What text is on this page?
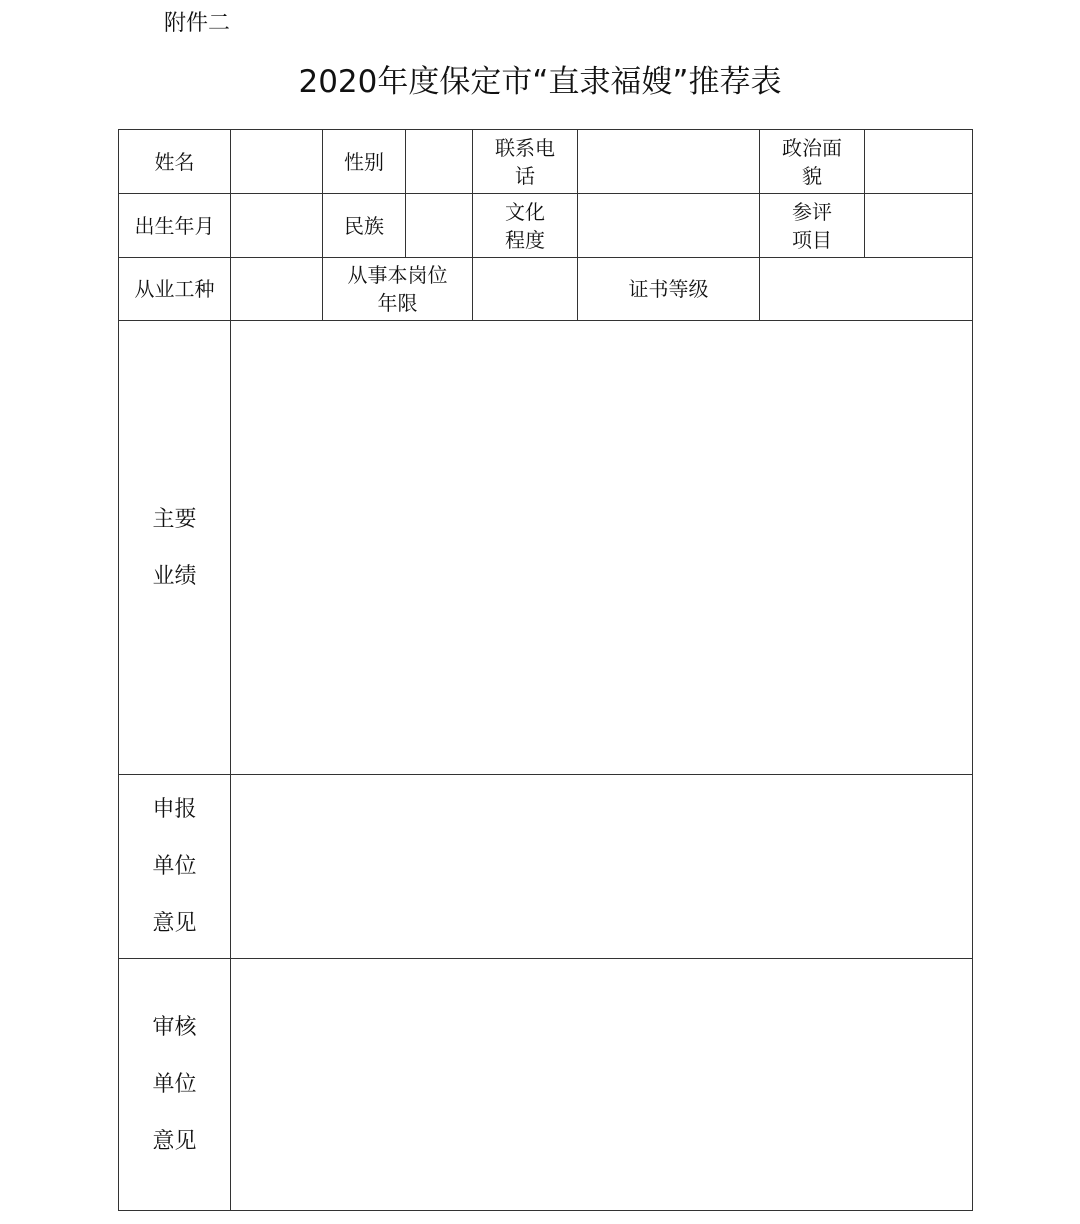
附件二
2020年度保定市“直隶福嫂”推荐表
姓名	性别
联系电话
政治面貌
出生年月	民族
文化程度
参评项目
从业工种
从事本岗位年限
证书等级
主要业绩
申报单位意见
审核单位意见
